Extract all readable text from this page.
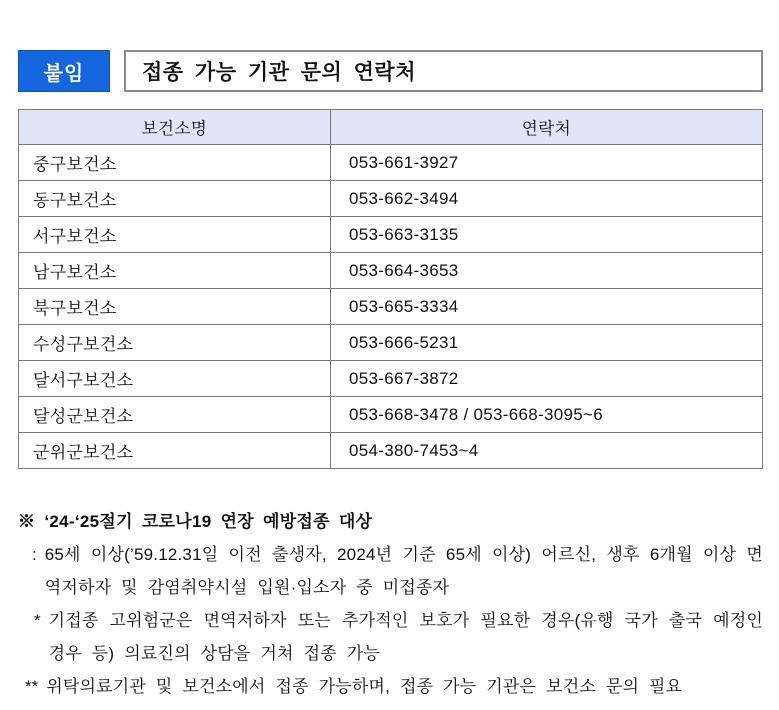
붙임	접종 가능 기관 문의 연락처
보건소명	연락처
중구보건소	053-661-3927
동구보건소	053-662-3494
서구보건소	053-663-3135
남구보건소	053-664-3653
북구보건소	053-665-3334
수성구보건소	053-666-5231
달서구보건소	053-667-3872
달성군보건소	053-668-3478 / 053-668-3095~6
군위군보건소	054-380-7453~4
※ ‘24-‘25절기 코로나19 연장 예방접종 대상
: 65세 이상(’59.12.31일 이전 출생자, 2024년 기준 65세 이상) 어르신, 생후 6개월 이상 면역저하자 및 감염취약시설 입원·입소자 중 미접종자
* 기접종 고위험군은 면역저하자 또는 추가적인 보호가 필요한 경우(유행 국가 출국 예정인 경우 등) 의료진의 상담을 거쳐 접종 가능
** 위탁의료기관 및 보건소에서 접종 가능하며, 접종 가능 기관은 보건소 문의 필요
